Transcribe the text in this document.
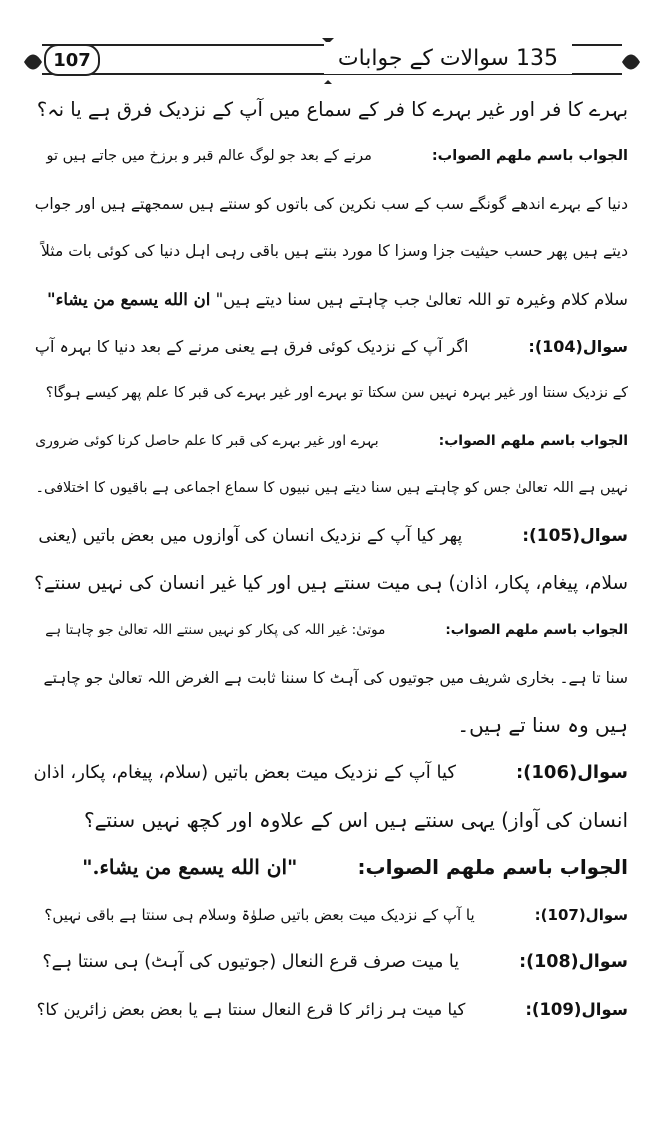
107	135 سوالات کے جوابات
بہرے کا فر اور غیر بہرے کا فر کے سماع میں آپ کے نزدیک فرق ہے یا نہ؟
الجواب باسم ملھم الصواب:مرنے کے بعد جو لوگ عالم قبر و برزخ میں جاتے ہیں تو
دنیا کے بہرے اندھے گونگے سب کے سب نکرین کی باتوں کو سنتے ہیں سمجھتے ہیں اور جواب
دیتے ہیں پھر حسب حیثیت جزا وسزا کا مورد بنتے ہیں باقی رہی اہل دنیا کی کوئی بات مثلاً
سلام کلام وغیرہ تو اللہ تعالیٰ جب چاہتے ہیں سنا دیتے ہیں" ان الله يسمع من يشاء"
سوال(104):اگر آپ کے نزدیک کوئی فرق ہے یعنی مرنے کے بعد دنیا کا بہرہ آپ
کے نزدیک سنتا اور غیر بہرہ نہیں سن سکتا تو بہرے اور غیر بہرے کی قبر کا علم پھر کیسے ہوگا؟
الجواب باسم ملھم الصواب:بہرے اور غیر بہرے کی قبر کا علم حاصل کرنا کوئی ضروری
نہیں ہے اللہ تعالیٰ جس کو چاہتے ہیں سنا دیتے ہیں نبیوں کا سماع اجماعی ہے باقیوں کا اختلافی۔
سوال(105):پھر کیا آپ کے نزدیک انسان کی آوازوں میں بعض باتیں (یعنی
سلام، پیغام، پکار، اذان) ہی میت سنتے ہیں اور کیا غیر انسان کی نہیں سنتے؟
الجواب باسم ملھم الصواب:موتیٰ: غیر اللہ کی پکار کو نہیں سنتے اللہ تعالیٰ جو چاہتا ہے
سنا تا ہے۔ بخاری شریف میں جوتیوں کی آہٹ کا سننا ثابت ہے الغرض اللہ تعالیٰ جو چاہتے
ہیں وہ سنا تے ہیں۔
سوال(106):کیا آپ کے نزدیک میت بعض باتیں (سلام، پیغام، پکار، اذان
انسان کی آواز) یہی سنتے ہیں اس کے علاوہ اور کچھ نہیں سنتے؟
الجواب باسم ملھم الصواب:"ان الله يسمع من يشاء."
سوال(107):یا آپ کے نزدیک میت بعض باتیں صلوٰۃ وسلام ہی سنتا ہے باقی نہیں؟
سوال(108):یا میت صرف قرع النعال (جوتیوں کی آہٹ) ہی سنتا ہے؟
سوال(109):کیا میت ہر زائر کا قرع النعال سنتا ہے یا بعض بعض زائرین کا؟
